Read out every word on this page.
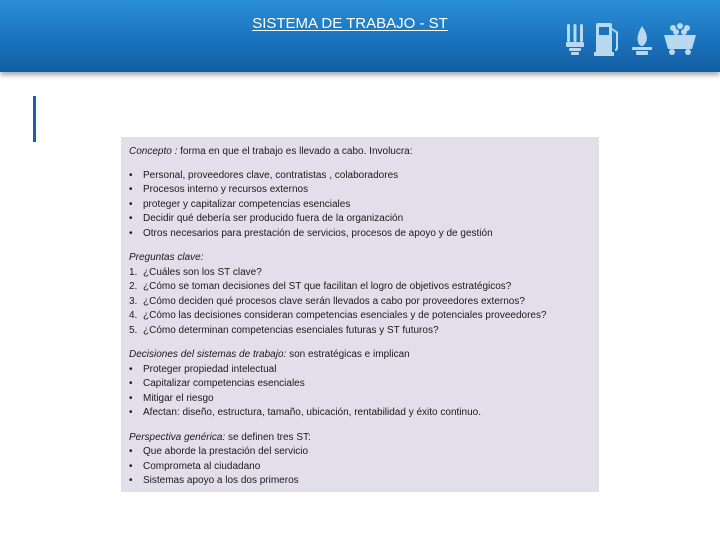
SISTEMA DE TRABAJO - ST
Concepto : forma en que el trabajo es llevado a cabo. Involucra:
•	Personal, proveedores clave, contratistas , colaboradores
•	Procesos interno y recursos externos
•	proteger y capitalizar competencias esenciales
•	Decidir qué debería ser producido fuera de la organización
•	Otros necesarios para prestación de servicios, procesos de apoyo y de gestión
Preguntas clave:
1. ¿Cuáles son los ST clave?
2. ¿Cómo se toman decisiones del ST que facilitan el logro de objetivos estratégicos?
3. ¿Cómo deciden qué procesos clave serán llevados a cabo por proveedores externos?
4. ¿Cómo las decisiones consideran competencias esenciales y de potenciales proveedores?
5. ¿Cómo determinan competencias esenciales futuras y ST futuros?
Decisiones del sistemas de trabajo: son estratégicas e implican
•	Proteger propiedad intelectual
•	Capitalizar competencias esenciales
•	Mitigar el riesgo
•	Afectan: diseño, estructura, tamaño, ubicación, rentabilidad y éxito continuo.
Perspectiva genérica: se definen tres ST:
•	Que aborde la prestación del servicio
•	Comprometa al ciudadano
•	Sistemas apoyo a los dos primeros
